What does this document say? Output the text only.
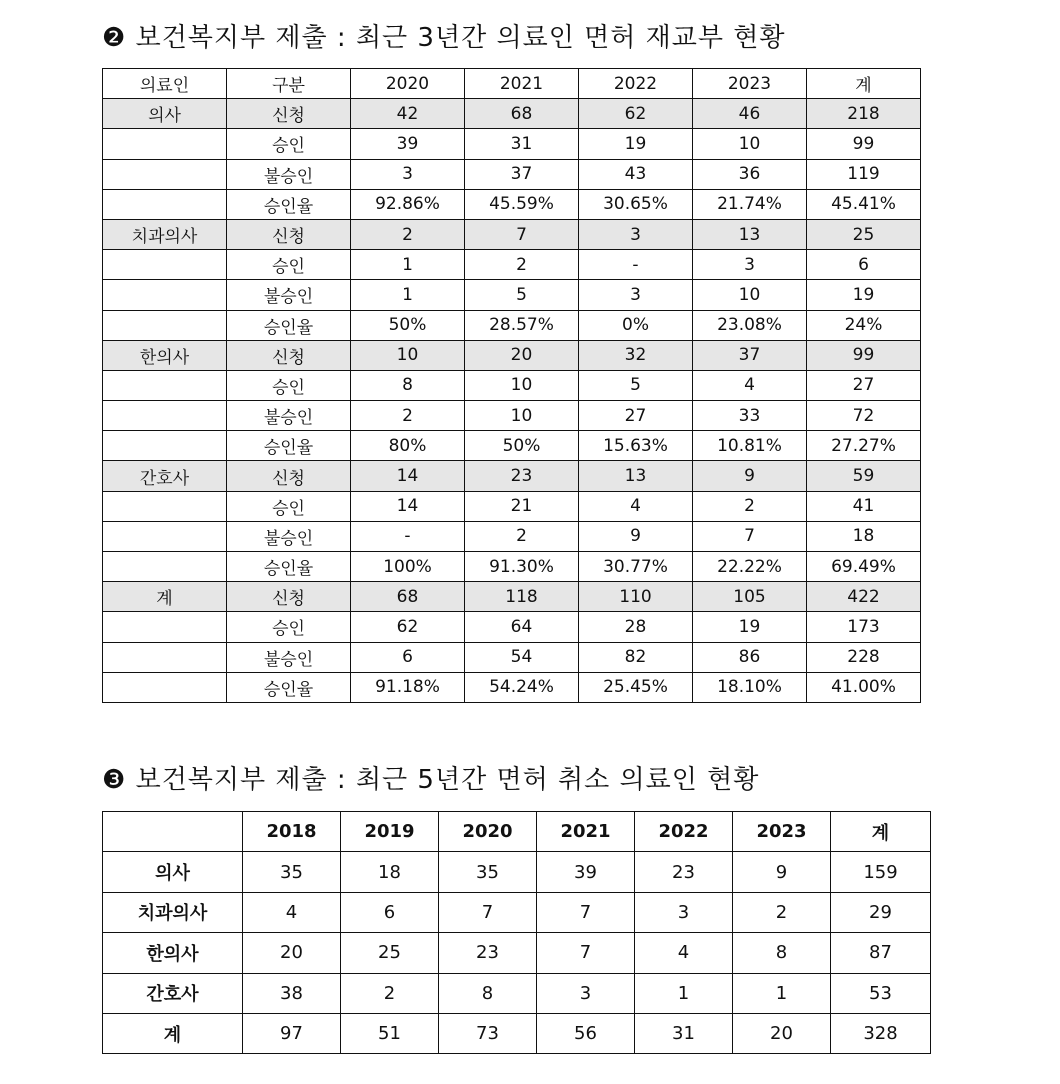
❷ 보건복지부 제출 : 최근 3년간 의료인 면허 재교부 현황
의료인	구분	2020	2021	2022	2023	계
의사	신청	42	68	62	46	218
	승인	39	31	19	10	99
	불승인	3	37	43	36	119
	승인율	92.86%	45.59%	30.65%	21.74%	45.41%
치과의사	신청	2	7	3	13	25
	승인	1	2	-	3	6
	불승인	1	5	3	10	19
	승인율	50%	28.57%	0%	23.08%	24%
한의사	신청	10	20	32	37	99
	승인	8	10	5	4	27
	불승인	2	10	27	33	72
	승인율	80%	50%	15.63%	10.81%	27.27%
간호사	신청	14	23	13	9	59
	승인	14	21	4	2	41
	불승인	-	2	9	7	18
	승인율	100%	91.30%	30.77%	22.22%	69.49%
계	신청	68	118	110	105	422
	승인	62	64	28	19	173
	불승인	6	54	82	86	228
	승인율	91.18%	54.24%	25.45%	18.10%	41.00%
❸ 보건복지부 제출 : 최근 5년간 면허 취소 의료인 현황
	2018	2019	2020	2021	2022	2023	계
의사	35	18	35	39	23	9	159
치과의사	4	6	7	7	3	2	29
한의사	20	25	23	7	4	8	87
간호사	38	2	8	3	1	1	53
계	97	51	73	56	31	20	328
